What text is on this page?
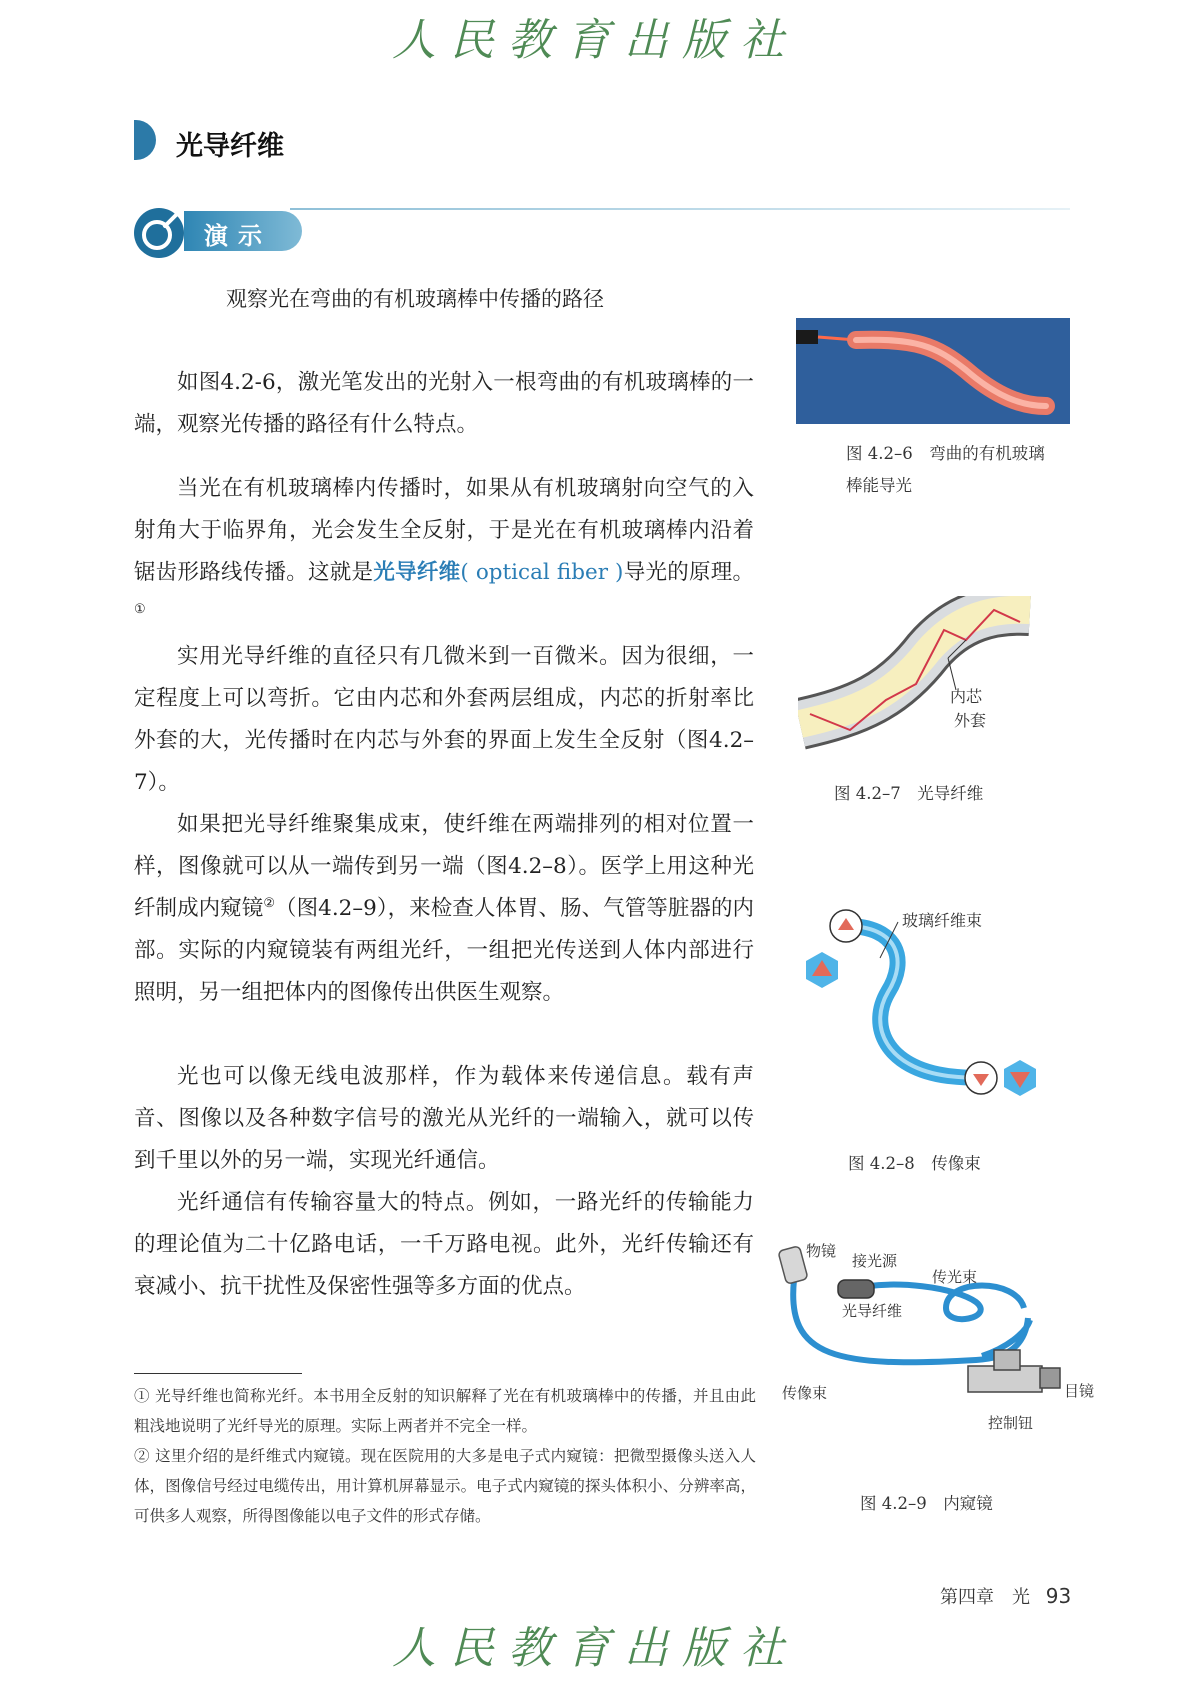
人民教育出版社
光导纤维
演示
观察光在弯曲的有机玻璃棒中传播的路径

如图4.2-6，激光笔发出的光射入一根弯曲的有机玻璃棒的一端，观察光传播的路径有什么特点。

当光在有机玻璃棒内传播时，如果从有机玻璃射向空气的入射角大于临界角，光会发生全反射，于是光在有机玻璃棒内沿着锯齿形路线传播。这就是光导纤维( optical fiber )导光的原理。①

实用光导纤维的直径只有几微米到一百微米。因为很细，一定程度上可以弯折。它由内芯和外套两层组成，内芯的折射率比外套的大，光传播时在内芯与外套的界面上发生全反射（图4.2–7）。

如果把光导纤维聚集成束，使纤维在两端排列的相对位置一样，图像就可以从一端传到另一端（图4.2–8）。医学上用这种光纤制成内窥镜②（图4.2–9），来检查人体胃、肠、气管等脏器的内部。实际的内窥镜装有两组光纤，一组把光传送到人体内部进行照明，另一组把体内的图像传出供医生观察。

光也可以像无线电波那样，作为载体来传递信息。载有声音、图像以及各种数字信号的激光从光纤的一端输入，就可以传到千里以外的另一端，实现光纤通信。

光纤通信有传输容量大的特点。例如，一路光纤的传输能力的理论值为二十亿路电话，一千万路电视。此外，光纤传输还有衰减小、抗干扰性及保密性强等多方面的优点。

① 光导纤维也简称光纤。本书用全反射的知识解释了光在有机玻璃棒中的传播，并且由此粗浅地说明了光纤导光的原理。实际上两者并不完全一样。

② 这里介绍的是纤维式内窥镜。现在医院用的大多是电子式内窥镜：把微型摄像头送入人体，图像信号经过电缆传出，用计算机屏幕显示。电子式内窥镜的探头体积小、分辨率高，可供多人观察，所得图像能以电子文件的形式存储。

图 4.2–6　弯曲的有机玻璃棒能导光
内芯
外套
图 4.2–7　光导纤维
玻璃纤维束
图 4.2–8　传像束
物镜
接光源
传光束
光导纤维
传像束	目镜
控制钮
图 4.2–9　内窥镜
第四章　光 93
人民教育出版社
